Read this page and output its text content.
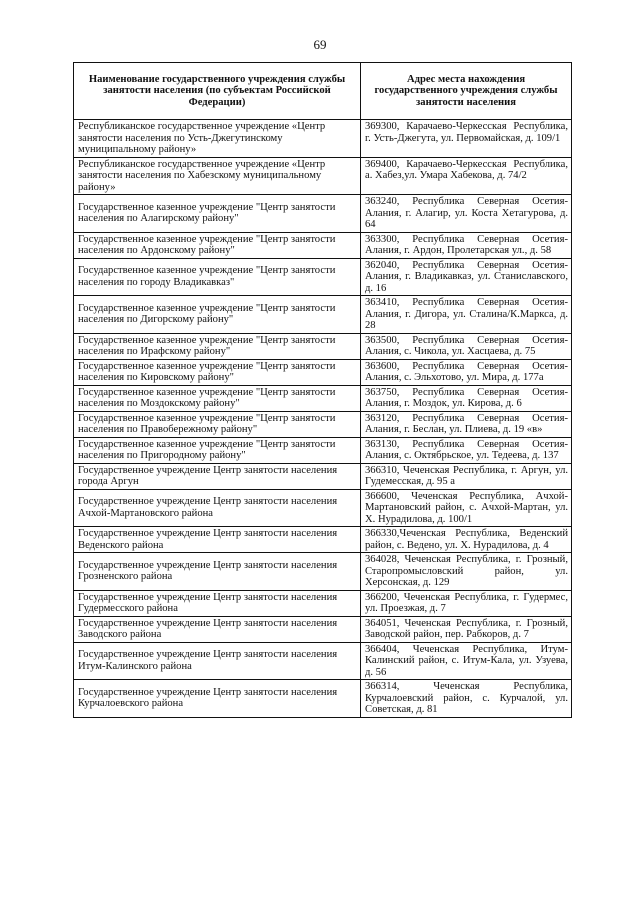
69
Наименование государственного учреждения службы занятости населения (по субъектам Российской Федерации)	Адрес места нахождения государственного учреждения службы занятости населения
Республиканское государственное учреждение «Центр занятости населения по Усть-Джегутинскому муниципальному району»	369300, Карачаево-Черкесская Республика, г. Усть-Джегута, ул. Первомайская, д. 109/1
Республиканское государственное учреждение «Центр занятости населения по Хабезскому муниципальному району»	369400, Карачаево-Черкесская Республика, а. Хабез,ул. Умара Хабекова, д. 74/2
Государственное казенное учреждение "Центр занятости населения по Алагирскому району"	363240, Республика Северная Осетия-Алания, г. Алагир, ул. Коста Хетагурова, д. 64
Государственное казенное учреждение "Центр занятости населения по Ардонскому району"	363300, Республика Северная Осетия-Алания, г. Ардон, Пролетарская ул., д. 58
Государственное казенное учреждение "Центр занятости населения по городу Владикавказ"	362040, Республика Северная Осетия-Алания, г. Владикавказ, ул. Станиславского, д. 16
Государственное казенное учреждение "Центр занятости населения по Дигорскому району"	363410, Республика Северная Осетия-Алания, г. Дигора, ул. Сталина/К.Маркса, д. 28
Государственное казенное учреждение "Центр занятости населения по Ирафскому району"	363500, Республика Северная Осетия-Алания, с. Чикола, ул. Хасцаева, д. 75
Государственное казенное учреждение "Центр занятости населения по Кировскому району"	363600, Республика Северная Осетия-Алания, с. Эльхотово, ул. Мира, д. 177а
Государственное казенное учреждение "Центр занятости населения по Моздокскому району"	363750, Республика Северная Осетия-Алания, г. Моздок, ул. Кирова, д. 6
Государственное казенное учреждение "Центр занятости населения по Правобережному району"	363120, Республика Северная Осетия-Алания, г. Беслан, ул. Плиева, д. 19 «в»
Государственное казенное учреждение "Центр занятости населения по Пригородному району"	363130, Республика Северная Осетия-Алания, с. Октябрьское, ул. Тедеева, д. 137
Государственное учреждение Центр занятости населения города Аргун	366310, Чеченская Республика, г. Аргун, ул. Гудемесская, д. 95 а
Государственное учреждение Центр занятости населения Ачхой-Мартановского района	366600, Чеченская Республика, Ачхой-Мартановский район, с. Ачхой-Мартан, ул. Х. Нурадилова, д. 100/1
Государственное учреждение Центр занятости населения Веденского района	366330,Чеченская Республика, Веденский район, с. Ведено, ул. Х. Нурадилова, д. 4
Государственное учреждение Центр занятости населения Грозненского района	364028, Чеченская Республика, г. Грозный, Старопромысловский район, ул. Херсонская, д. 129
Государственное учреждение Центр занятости населения Гудермесского района	366200, Чеченская Республика, г. Гудермес, ул. Проезжая, д. 7
Государственное учреждение Центр занятости населения Заводского района	364051, Чеченская Республика, г. Грозный, Заводской район, пер. Рабкоров, д. 7
Государственное учреждение Центр занятости населения Итум-Калинского района	366404, Чеченская Республика, Итум-Калинский район, с. Итум-Кала, ул. Узуева, д. 56
Государственное учреждение Центр занятости населения Курчалоевского района	366314, Чеченская Республика, Курчалоевский район, с. Курчалой, ул. Советская, д. 81
